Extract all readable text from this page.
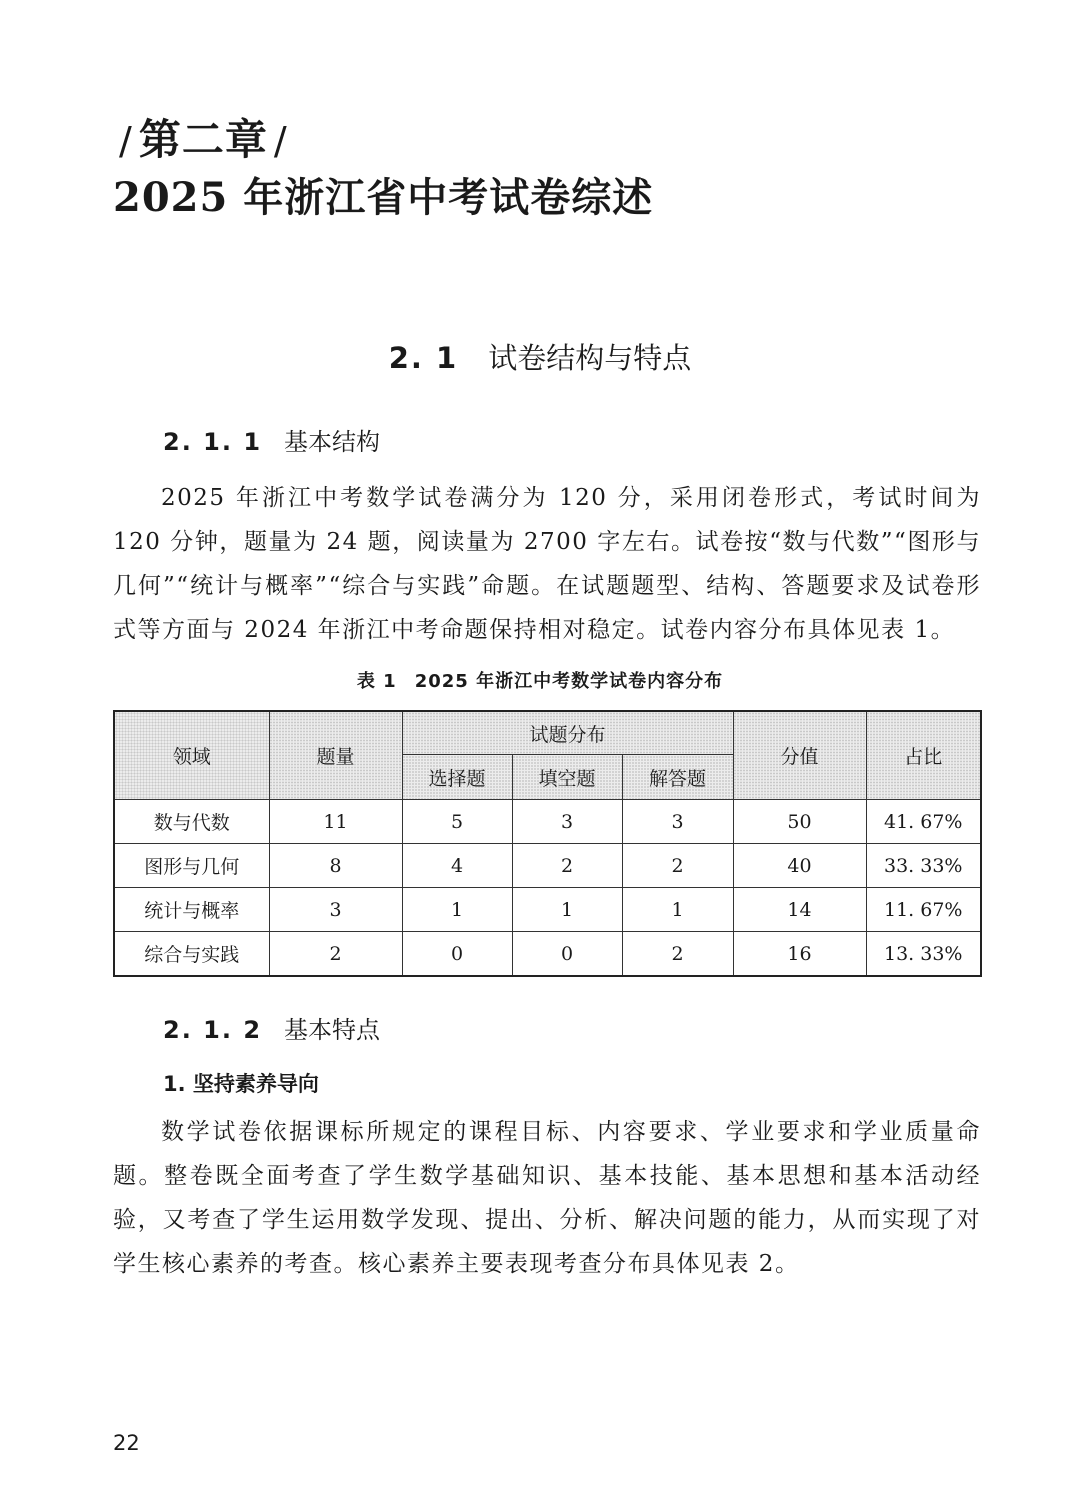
/ 第二章 /
2025 年浙江省中考试卷综述
2. 1 试卷结构与特点
2. 1. 1 基本结构

2025 年浙江中考数学试卷满分为 120 分，采用闭卷形式，考试时间为 120 分钟，题量为 24 题，阅读量为 2700 字左右。试卷按“数与代数”“图形与几何”“统计与概率”“综合与实践”命题。在试题题型、结构、答题要求及试卷形式等方面与 2024 年浙江中考命题保持相对稳定。试卷内容分布具体见表 1。

表 1 2025 年浙江中考数学试卷内容分布
领域	题量	试题分布			分值	占比
		选择题	填空题	解答题		
数与代数	11	5	3	3	50	41. 67%
图形与几何	8	4	2	2	40	33. 33%
统计与概率	3	1	1	1	14	11. 67%
综合与实践	2	0	0	2	16	13. 33%
2. 1. 2 基本特点
1. 坚持素养导向

数学试卷依据课标所规定的课程目标、内容要求、学业要求和学业质量命题。整卷既全面考查了学生数学基础知识、基本技能、基本思想和基本活动经验，又考查了学生运用数学发现、提出、分析、解决问题的能力，从而实现了对学生核心素养的考查。核心素养主要表现考查分布具体见表 2。

22
